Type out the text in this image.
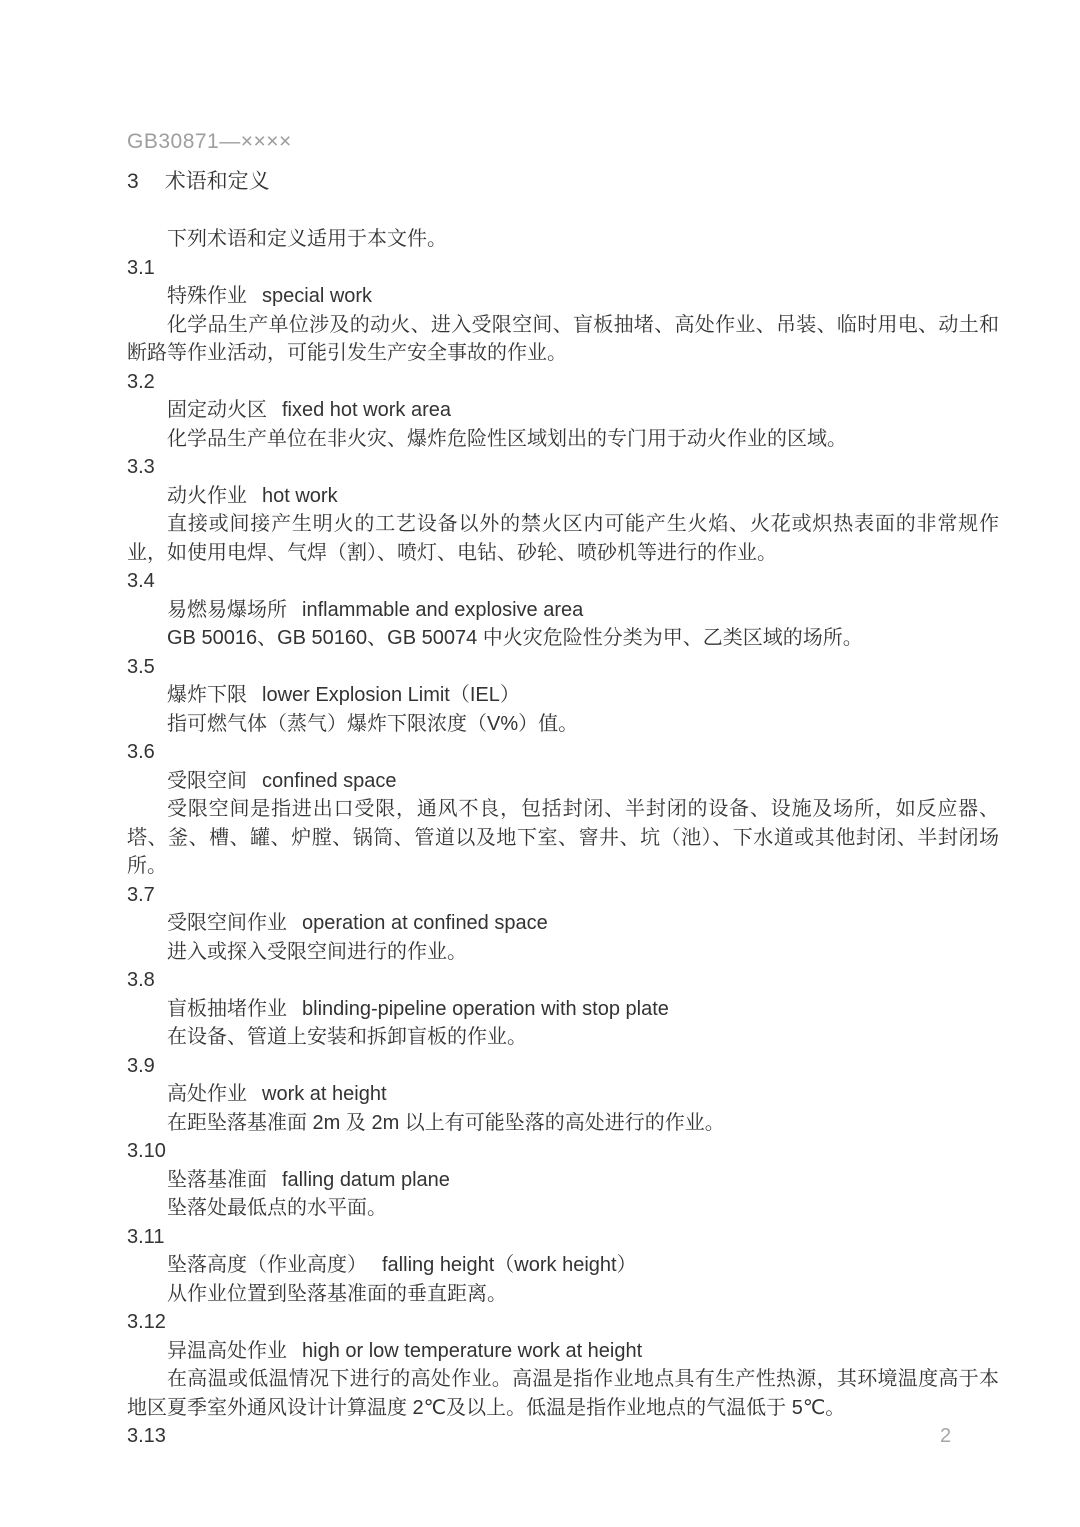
GB30871—××××
3 术语和定义

下列术语和定义适用于本文件。

3.1
特殊作业 special work

化学品生产单位涉及的动火、进入受限空间、盲板抽堵、高处作业、吊装、临时用电、动土和断路等作业活动，可能引发生产安全事故的作业。

3.2
固定动火区 fixed hot work area

化学品生产单位在非火灾、爆炸危险性区域划出的专门用于动火作业的区域。

3.3
动火作业 hot work

直接或间接产生明火的工艺设备以外的禁火区内可能产生火焰、火花或炽热表面的非常规作业，如使用电焊、气焊（割）、喷灯、电钻、砂轮、喷砂机等进行的作业。

3.4
易燃易爆场所 inflammable and explosive area

GB 50016、GB 50160、GB 50074 中火灾危险性分类为甲、乙类区域的场所。

3.5
爆炸下限 lower Explosion Limit（IEL）

指可燃气体（蒸气）爆炸下限浓度（V%）值。

3.6
受限空间 confined space

受限空间是指进出口受限，通风不良，包括封闭、半封闭的设备、设施及场所，如反应器、塔、釜、槽、罐、炉膛、锅筒、管道以及地下室、窨井、坑（池）、下水道或其他封闭、半封闭场所。

3.7
受限空间作业 operation at confined space

进入或探入受限空间进行的作业。

3.8
盲板抽堵作业 blinding-pipeline operation with stop plate

在设备、管道上安装和拆卸盲板的作业。

3.9
高处作业 work at height

在距坠落基准面 2m 及 2m 以上有可能坠落的高处进行的作业。

3.10
坠落基准面 falling datum plane

坠落处最低点的水平面。

3.11
坠落高度（作业高度） falling height（work height）

从作业位置到坠落基准面的垂直距离。

3.12
异温高处作业 high or low temperature work at height

在高温或低温情况下进行的高处作业。高温是指作业地点具有生产性热源，其环境温度高于本地区夏季室外通风设计计算温度 2℃及以上。低温是指作业地点的气温低于 5℃。

3.13	2
